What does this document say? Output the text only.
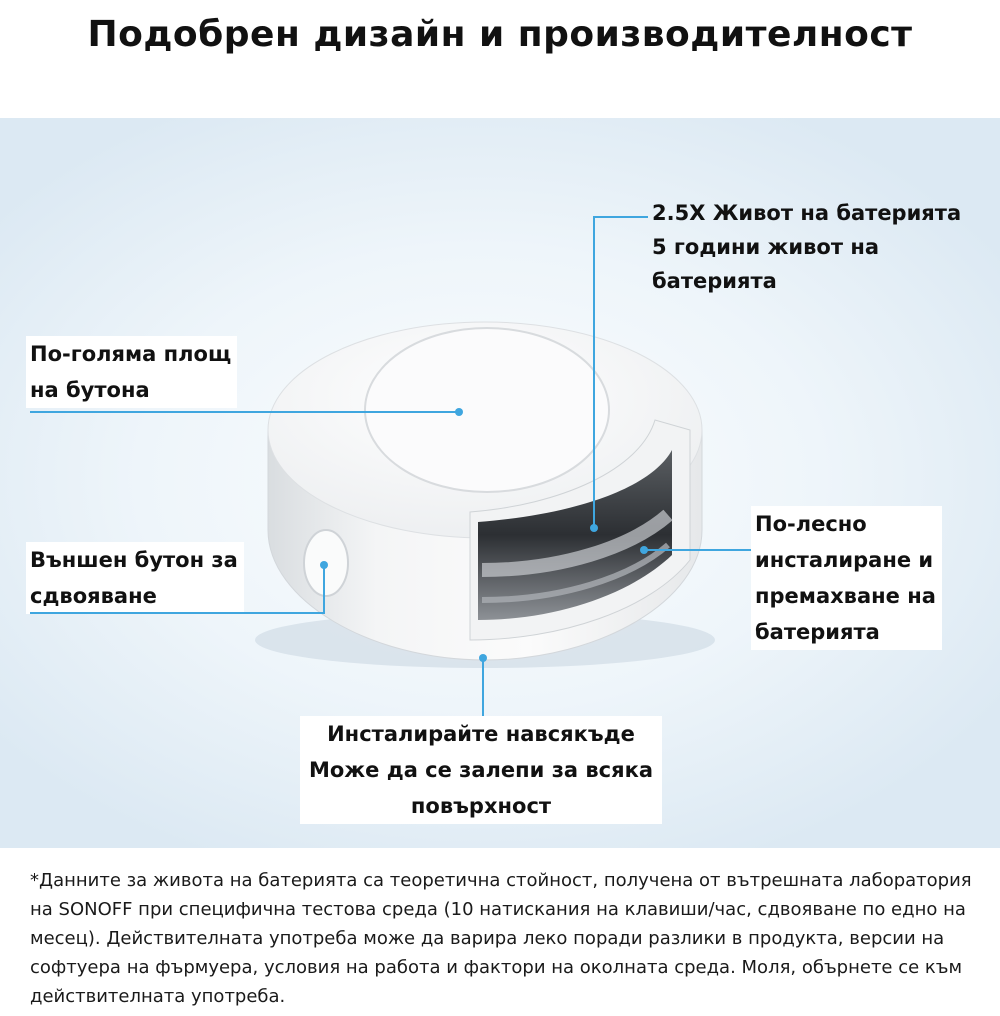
Подобрен дизайн и производителност
2.5X Живот на батерията
5 години живот на
батерията
По-голяма площ
на бутона
Външен бутон за
сдвояване
По-лесно
инсталиране и
премахване на
батерията
Инсталирайте навсякъде
Може да се залепи за всяка
повърхност
*Данните за живота на батерията са теоретична стойност, получена от вътрешната лаборатория на SONOFF при специфична тестова среда (10 натискания на клавиши/час, сдвояване по едно на месец). Действителната употреба може да варира леко поради разлики в продукта, версии на софтуера на фърмуера, условия на работа и фактори на околната среда. Моля, обърнете се към действителната употреба.
